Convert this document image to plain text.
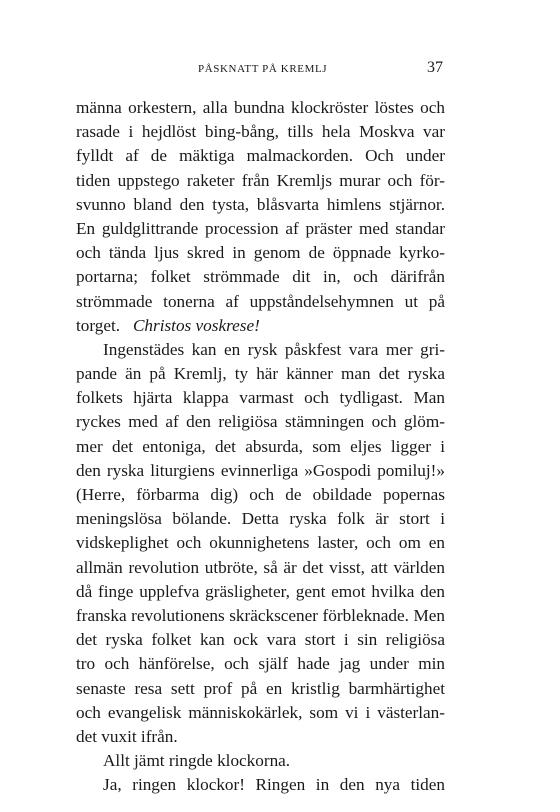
PÅSKNATT PÅ KREMLJ	37
männa orkestern, alla bundna klockröster löstes och
rasade i hejdlöst bing-bång, tills hela Moskva var
fylldt af de mäktiga malmackorden. Och under
tiden uppstego raketer från Kremljs murar och för-
svunno bland den tysta, blåsvarta himlens stjärnor.
En guldglittrande procession af präster med standar
och tända ljus skred in genom de öppnade kyrko-
portarna; folket strömmade dit in, och därifrån
strömmade tonerna af uppståndelsehymnen ut på
torget. Christos voskrese!
Ingenstädes kan en rysk påskfest vara mer gri-
pande än på Kremlj, ty här känner man det ryska
folkets hjärta klappa varmast och tydligast. Man
ryckes med af den religiösa stämningen och glöm-
mer det entoniga, det absurda, som eljes ligger i
den ryska liturgiens evinnerliga »Gospodi pomiluj!»
(Herre, förbarma dig) och de obildade popernas
meningslösa bölande. Detta ryska folk är stort i
vidskeplighet och okunnighetens laster, och om en
allmän revolution utbröte, så är det visst, att världen
då finge upplefva gräsligheter, gent emot hvilka den
franska revolutionens skräckscener förbleknade. Men
det ryska folket kan ock vara stort i sin religiösa
tro och hänförelse, och själf hade jag under min
senaste resa sett prof på en kristlig barmhärtighet
och evangelisk människokärlek, som vi i västerlan-
det vuxit ifrån.
Allt jämt ringde klockorna.
Ja, ringen klockor! Ringen in den nya tiden
